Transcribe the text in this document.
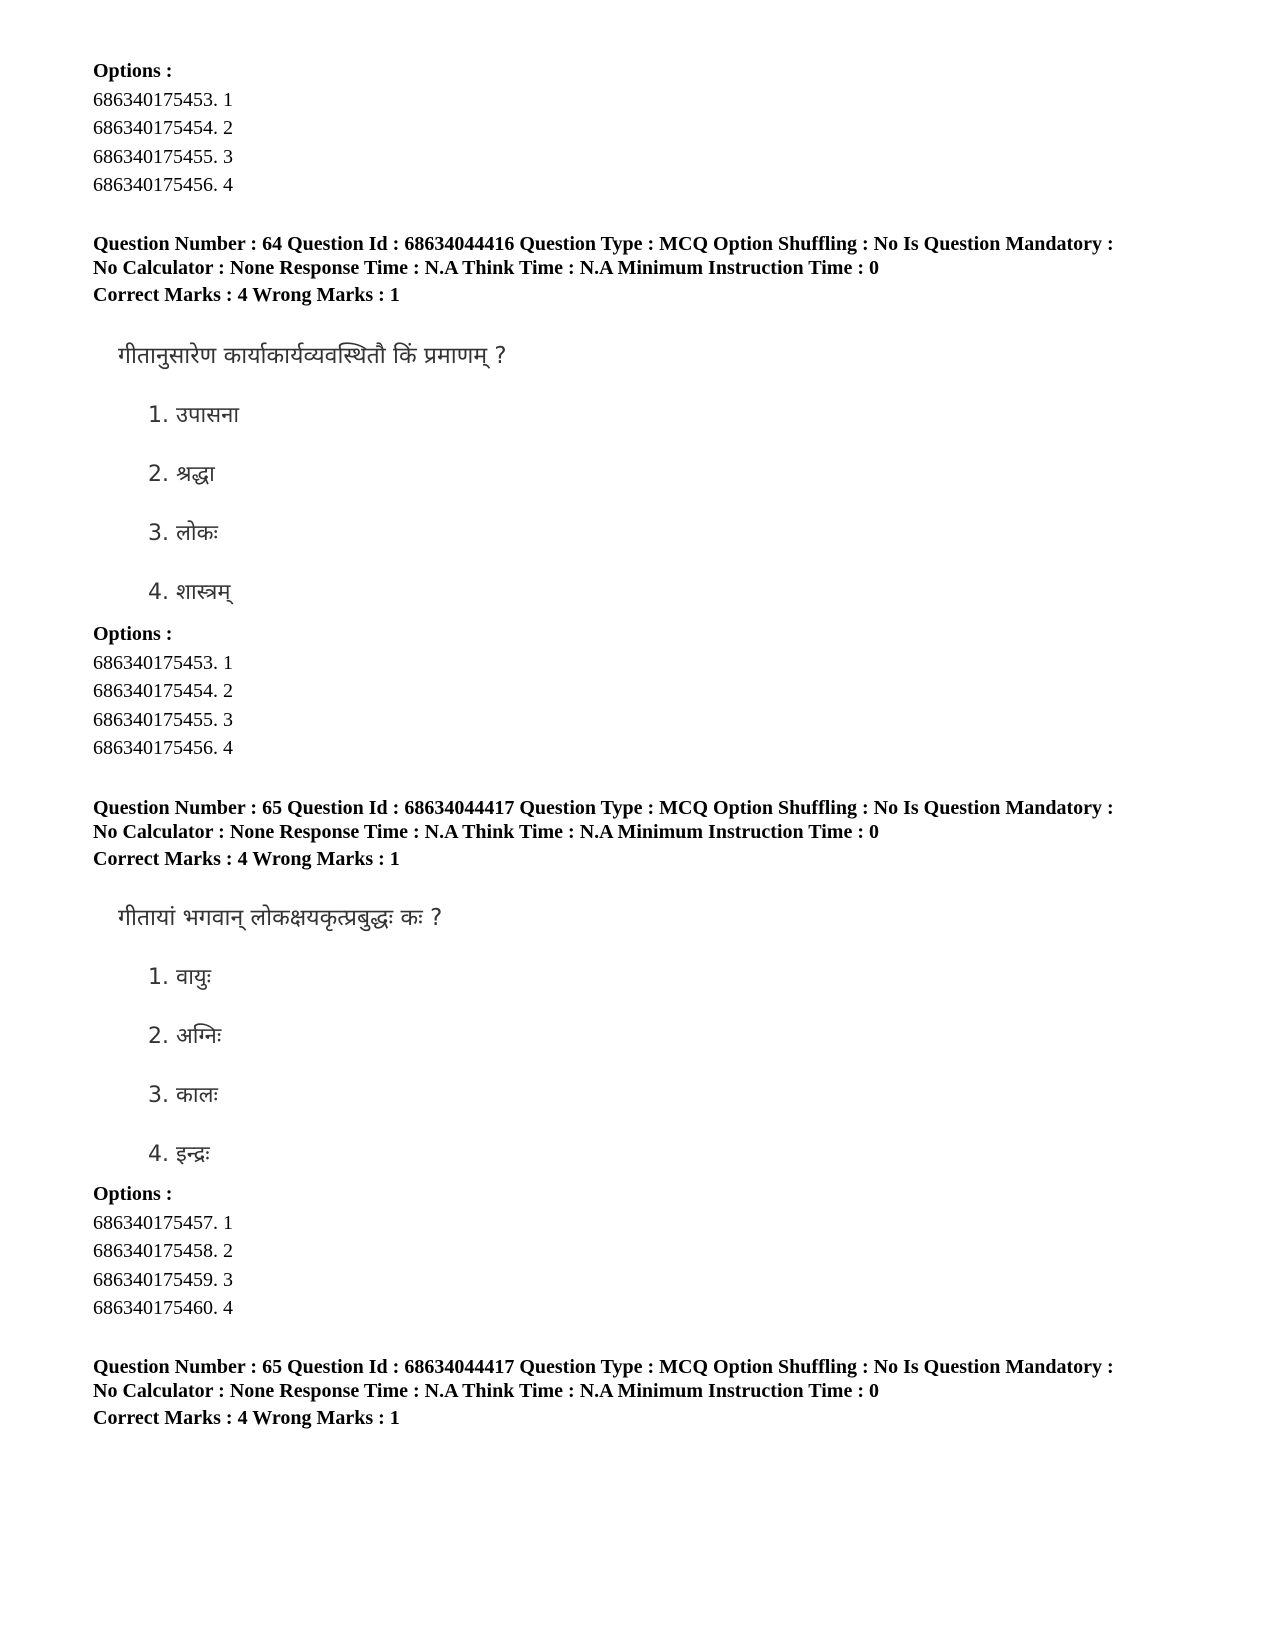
Options :
686340175453. 1
686340175454. 2
686340175455. 3
686340175456. 4
Question Number : 64 Question Id : 68634044416 Question Type : MCQ Option Shuffling : No Is Question Mandatory :
No Calculator : None Response Time : N.A Think Time : N.A Minimum Instruction Time : 0
Correct Marks : 4 Wrong Marks : 1
गीतानुसारेण कार्याकार्यव्यवस्थितौ किं प्रमाणम् ?
1. उपासना
2. श्रद्धा
3. लोकः
4. शास्त्रम्
Options :
686340175453. 1
686340175454. 2
686340175455. 3
686340175456. 4
Question Number : 65 Question Id : 68634044417 Question Type : MCQ Option Shuffling : No Is Question Mandatory :
No Calculator : None Response Time : N.A Think Time : N.A Minimum Instruction Time : 0
Correct Marks : 4 Wrong Marks : 1
गीतायां भगवान् लोकक्षयकृत्प्रबुद्धः कः ?
1. वायुः
2. अग्निः
3. कालः
4. इन्द्रः
Options :
686340175457. 1
686340175458. 2
686340175459. 3
686340175460. 4
Question Number : 65 Question Id : 68634044417 Question Type : MCQ Option Shuffling : No Is Question Mandatory :
No Calculator : None Response Time : N.A Think Time : N.A Minimum Instruction Time : 0
Correct Marks : 4 Wrong Marks : 1
